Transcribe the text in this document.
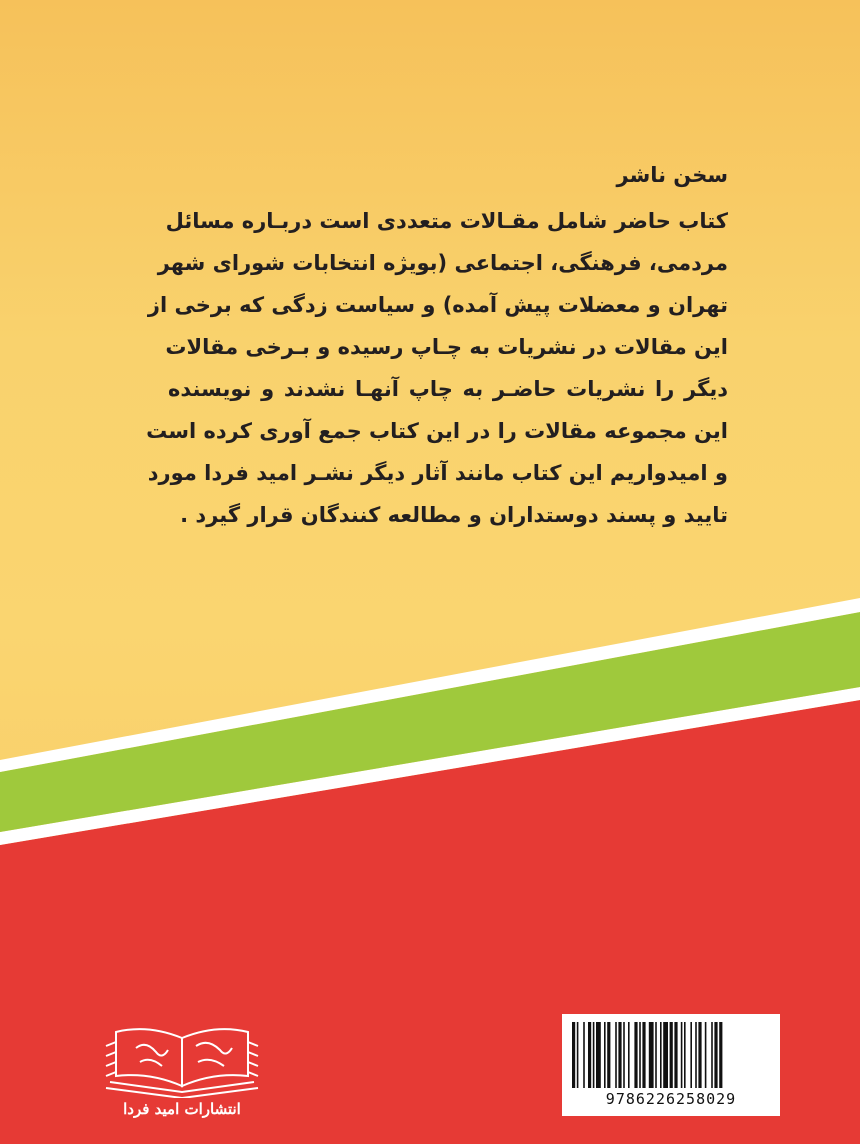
سخن ناشر
کتاب حاضر شامل مقـالات متعددی است دربـاره مسائل
مردمی، فرهنگی، اجتماعی (بویژه انتخابات شورای شهر
تهران و معضلات پیش آمده) و سیاست زدگی که برخی از
این مقالات در نشریات به چـاپ رسیده و بـرخی مقالات
دیگر را نشریات حاضـر به چاپ آنهـا نشدند و نویسنده
این مجموعه مقالات را در این کتاب جمع آوری کرده است
و امیدواریم این کتاب مانند آثار دیگر نشـر امید فردا مورد
تایید و پسند دوستداران و مطالعه کنندگان قرار گیرد .
انتشارات امید فردا
9786226258029
